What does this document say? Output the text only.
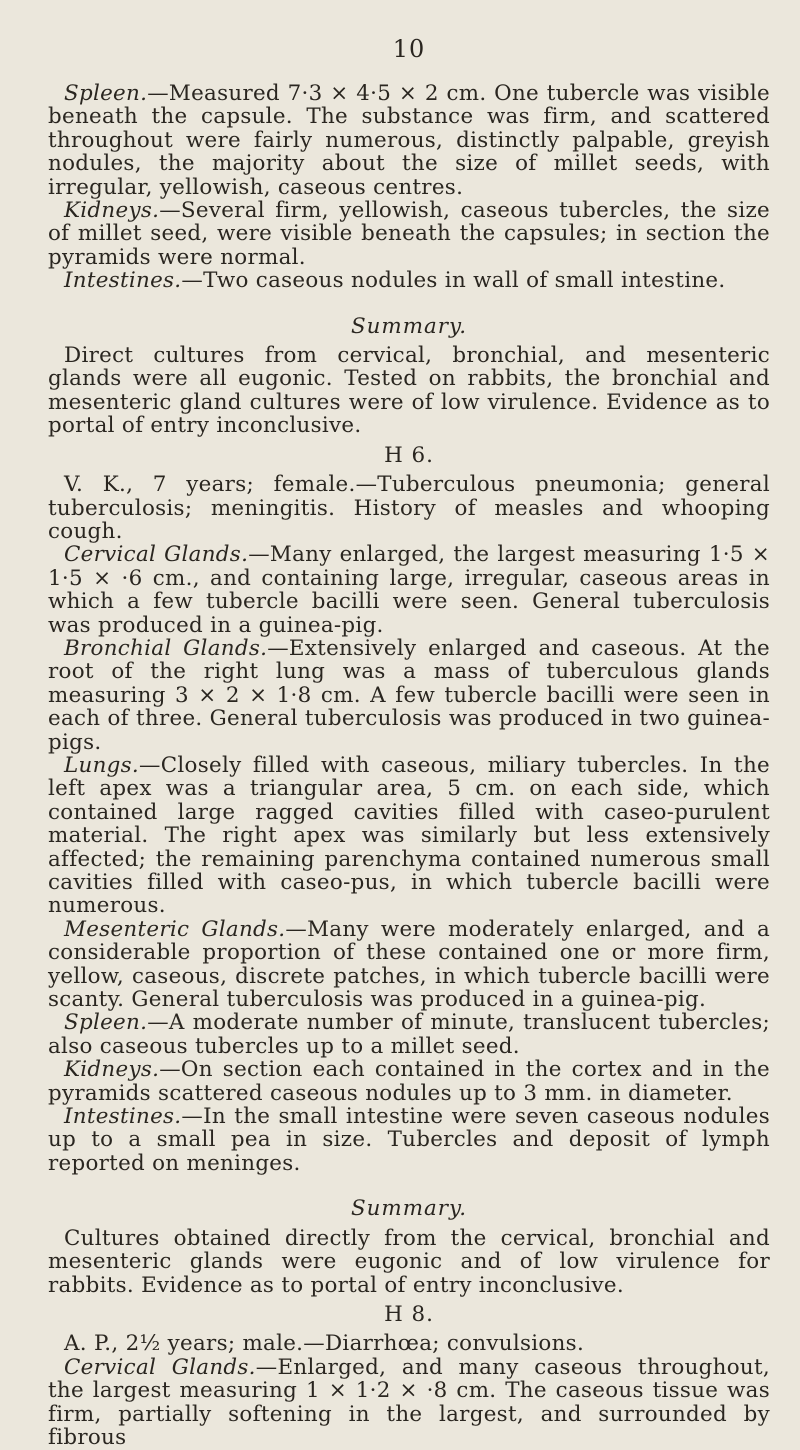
10

Spleen.—Measured 7·3 × 4·5 × 2 cm. One tubercle was visible beneath the capsule. The substance was firm, and scattered throughout were fairly numerous, distinctly palpable, greyish nodules, the majority about the size of millet seeds, with irregular, yellowish, caseous centres.

Kidneys.—Several firm, yellowish, caseous tubercles, the size of millet seed, were visible beneath the capsules; in section the pyramids were normal.

Intestines.—Two caseous nodules in wall of small intestine.

Summary.

Direct cultures from cervical, bronchial, and mesenteric glands were all eugonic. Tested on rabbits, the bronchial and mesenteric gland cultures were of low virulence. Evidence as to portal of entry inconclusive.

H 6.

V. K., 7 years; female.—Tuberculous pneumonia; general tuberculosis; meningitis. History of measles and whooping cough.

Cervical Glands.—Many enlarged, the largest measuring 1·5 × 1·5 × ·6 cm., and containing large, irregular, caseous areas in which a few tubercle bacilli were seen. General tuberculosis was produced in a guinea-pig.

Bronchial Glands.—Extensively enlarged and caseous. At the root of the right lung was a mass of tuberculous glands measuring 3 × 2 × 1·8 cm. A few tubercle bacilli were seen in each of three. General tuberculosis was produced in two guinea-pigs.

Lungs.—Closely filled with caseous, miliary tubercles. In the left apex was a triangular area, 5 cm. on each side, which contained large ragged cavities filled with caseo-purulent material. The right apex was similarly but less extensively affected; the remaining parenchyma contained numerous small cavities filled with caseo-pus, in which tubercle bacilli were numerous.

Mesenteric Glands.—Many were moderately enlarged, and a considerable proportion of these contained one or more firm, yellow, caseous, discrete patches, in which tubercle bacilli were scanty. General tuberculosis was produced in a guinea-pig.

Spleen.—A moderate number of minute, translucent tubercles; also caseous tubercles up to a millet seed.

Kidneys.—On section each contained in the cortex and in the pyramids scattered caseous nodules up to 3 mm. in diameter.

Intestines.—In the small intestine were seven caseous nodules up to a small pea in size. Tubercles and deposit of lymph reported on meninges.

Summary.

Cultures obtained directly from the cervical, bronchial and mesenteric glands were eugonic and of low virulence for rabbits. Evidence as to portal of entry inconclusive.

H 8.

A. P., 2½ years; male.—Diarrhœa; convulsions.

Cervical Glands.—Enlarged, and many caseous throughout, the largest measuring 1 × 1·2 × ·8 cm. The caseous tissue was firm, partially softening in the largest, and surrounded by fibrous
